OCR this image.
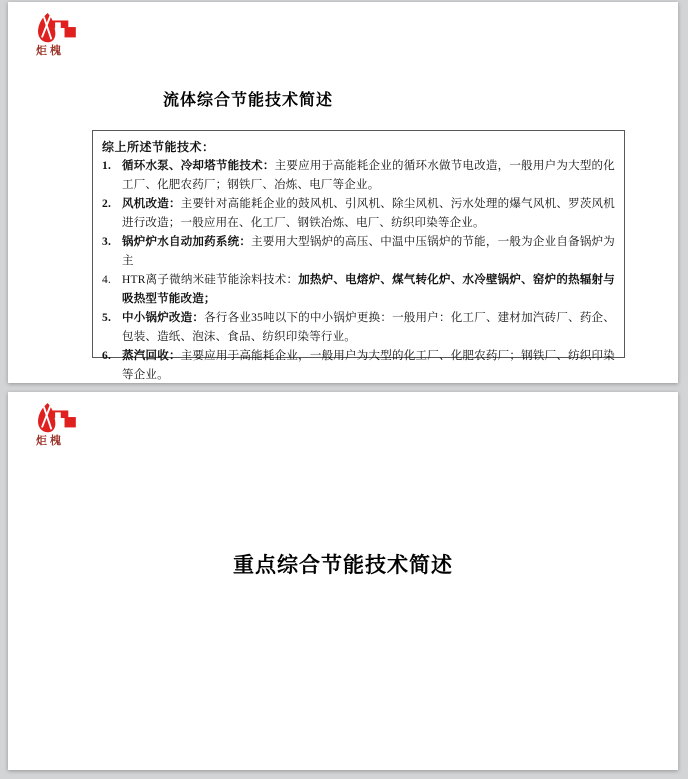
炬槐
流体综合节能技术简述
综上所述节能技术：
1. 循环水泵、冷却塔节能技术：主要应用于高能耗企业的循环水做节电改造，一般用户为大型的化工厂、化肥农药厂；钢铁厂、冶炼、电厂等企业。
2. 风机改造：主要针对高能耗企业的鼓风机、引风机、除尘风机、污水处理的爆气风机、罗茨风机进行改造；一般应用在、化工厂、钢铁冶炼、电厂、纺织印染等企业。
3. 锅炉炉水自动加药系统：主要用大型锅炉的高压、中温中压锅炉的节能，一般为企业自备锅炉为主
4. HTR离子微纳米硅节能涂料技术：加热炉、电熔炉、煤气转化炉、水冷壁锅炉、窑炉的热辐射与吸热型节能改造；
5. 中小锅炉改造：各行各业35吨以下的中小锅炉更换：一般用户：化工厂、建材加汽砖厂、药企、包装、造纸、泡沫、食品、纺织印染等行业。
6. 蒸汽回收：主要应用于高能耗企业，一般用户为大型的化工厂、化肥农药厂；钢铁厂、纺织印染等企业。
炬槐
重点综合节能技术简述
